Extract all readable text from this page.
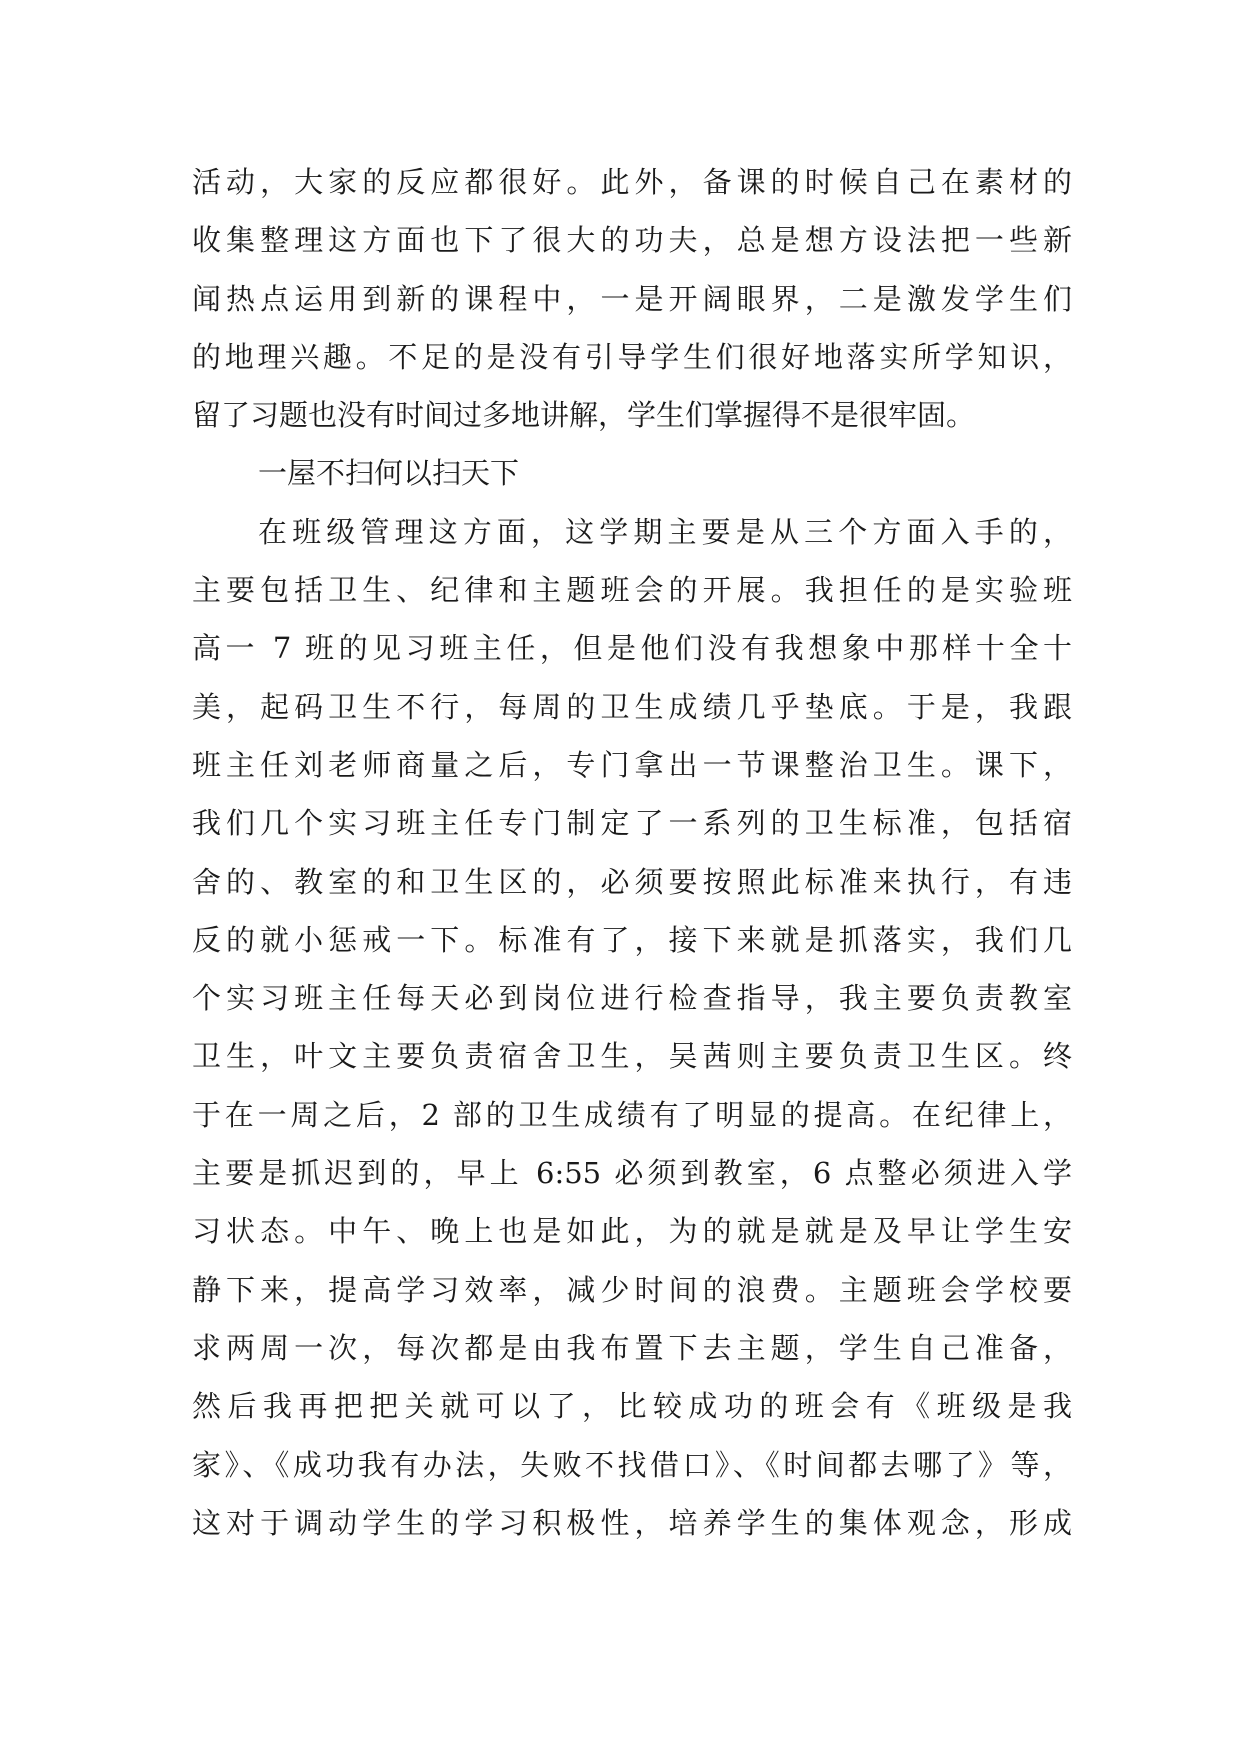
活动，大家的反应都很好。此外，备课的时候自己在素材的
收集整理这方面也下了很大的功夫，总是想方设法把一些新
闻热点运用到新的课程中，一是开阔眼界，二是激发学生们
的地理兴趣。不足的是没有引导学生们很好地落实所学知识，
留了习题也没有时间过多地讲解，学生们掌握得不是很牢固。
一屋不扫何以扫天下
在班级管理这方面，这学期主要是从三个方面入手的，
主要包括卫生、纪律和主题班会的开展。我担任的是实验班
高一 7 班的见习班主任，但是他们没有我想象中那样十全十
美，起码卫生不行，每周的卫生成绩几乎垫底。于是，我跟
班主任刘老师商量之后，专门拿出一节课整治卫生。课下，
我们几个实习班主任专门制定了一系列的卫生标准，包括宿
舍的、教室的和卫生区的，必须要按照此标准来执行，有违
反的就小惩戒一下。标准有了，接下来就是抓落实，我们几
个实习班主任每天必到岗位进行检查指导，我主要负责教室
卫生，叶文主要负责宿舍卫生，吴茜则主要负责卫生区。终
于在一周之后，2 部的卫生成绩有了明显的提高。在纪律上，
主要是抓迟到的，早上 6:55 必须到教室，6 点整必须进入学
习状态。中午、晚上也是如此，为的就是就是及早让学生安
静下来，提高学习效率，减少时间的浪费。主题班会学校要
求两周一次，每次都是由我布置下去主题，学生自己准备，
然后我再把把关就可以了，比较成功的班会有《班级是我
家》、《成功我有办法，失败不找借口》、《时间都去哪了》等，
这对于调动学生的学习积极性，培养学生的集体观念，形成
